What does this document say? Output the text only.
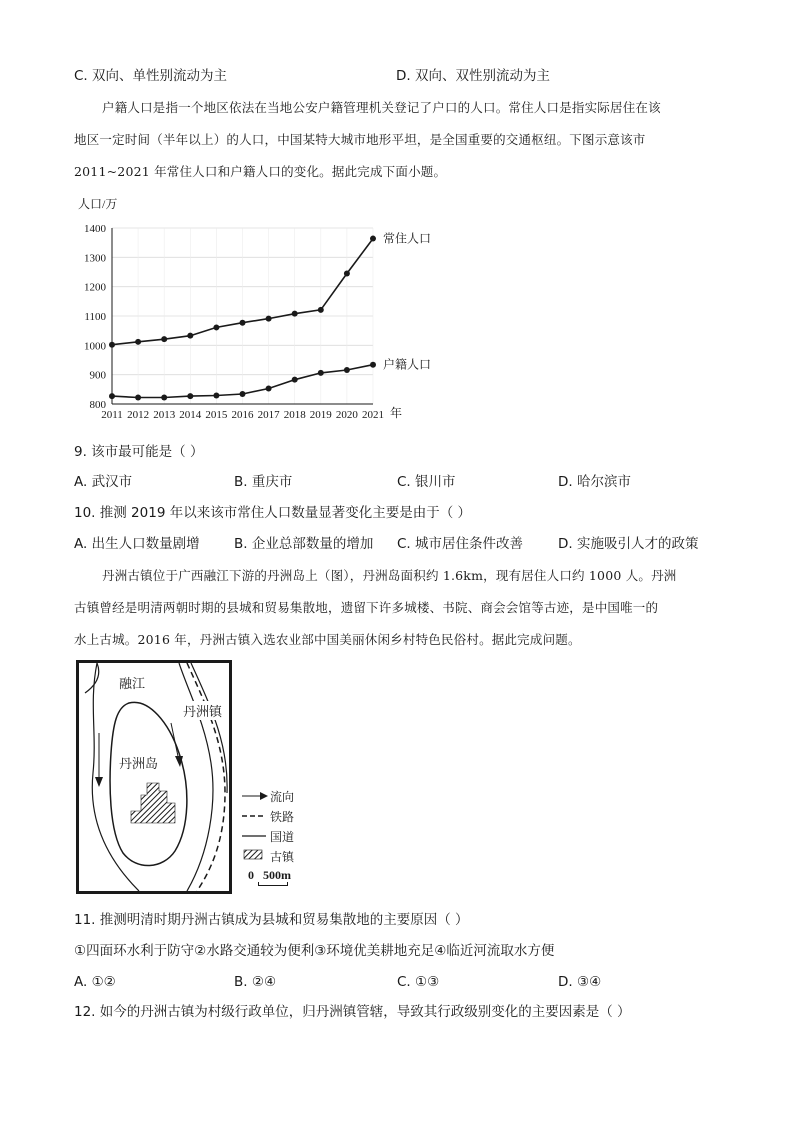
C. 双向、单性别流动为主	D. 双向、双性别流动为主
户籍人口是指一个地区依法在当地公安户籍管理机关登记了户口的人口。常住人口是指实际居住在该
地区一定时间（半年以上）的人口，中国某特大城市地形平坦，是全国重要的交通枢纽。下图示意该市
2011~2021 年常住人口和户籍人口的变化。据此完成下面小题。
人口/万
年
800
900
1000
1100
1200
1300
1400
2011 2012 2013 2014 2015 2016 2017 2018 2019 2020 2021
常住人口
户籍人口
9. 该市最可能是（ ）
A. 武汉市	B. 重庆市	C. 银川市	D. 哈尔滨市
10. 推测 2019 年以来该市常住人口数量显著变化主要是由于（ ）
A. 出生人口数量剧增	B. 企业总部数量的增加 C. 城市居住条件改善	D. 实施吸引人才的政策
丹洲古镇位于广西融江下游的丹洲岛上（图），丹洲岛面积约 1.6km，现有居住人口约 1000 人。丹洲
古镇曾经是明清两朝时期的县城和贸易集散地，遗留下许多城楼、书院、商会会馆等古迹，是中国唯一的
水上古城。2016 年，丹洲古镇入选农业部中国美丽休闲乡村特色民俗村。据此完成问题。
融江
丹洲镇
丹洲岛
流向
铁路
国道
古镇
0   500m
11. 推测明清时期丹洲古镇成为县城和贸易集散地的主要原因（ ）
①四面环水利于防守②水路交通较为便利③环境优美耕地充足④临近河流取水方便
A. ①②	B. ②④	C. ①③	D. ③④
12. 如今的丹洲古镇为村级行政单位，归丹洲镇管辖，导致其行政级别变化的主要因素是（ ）
